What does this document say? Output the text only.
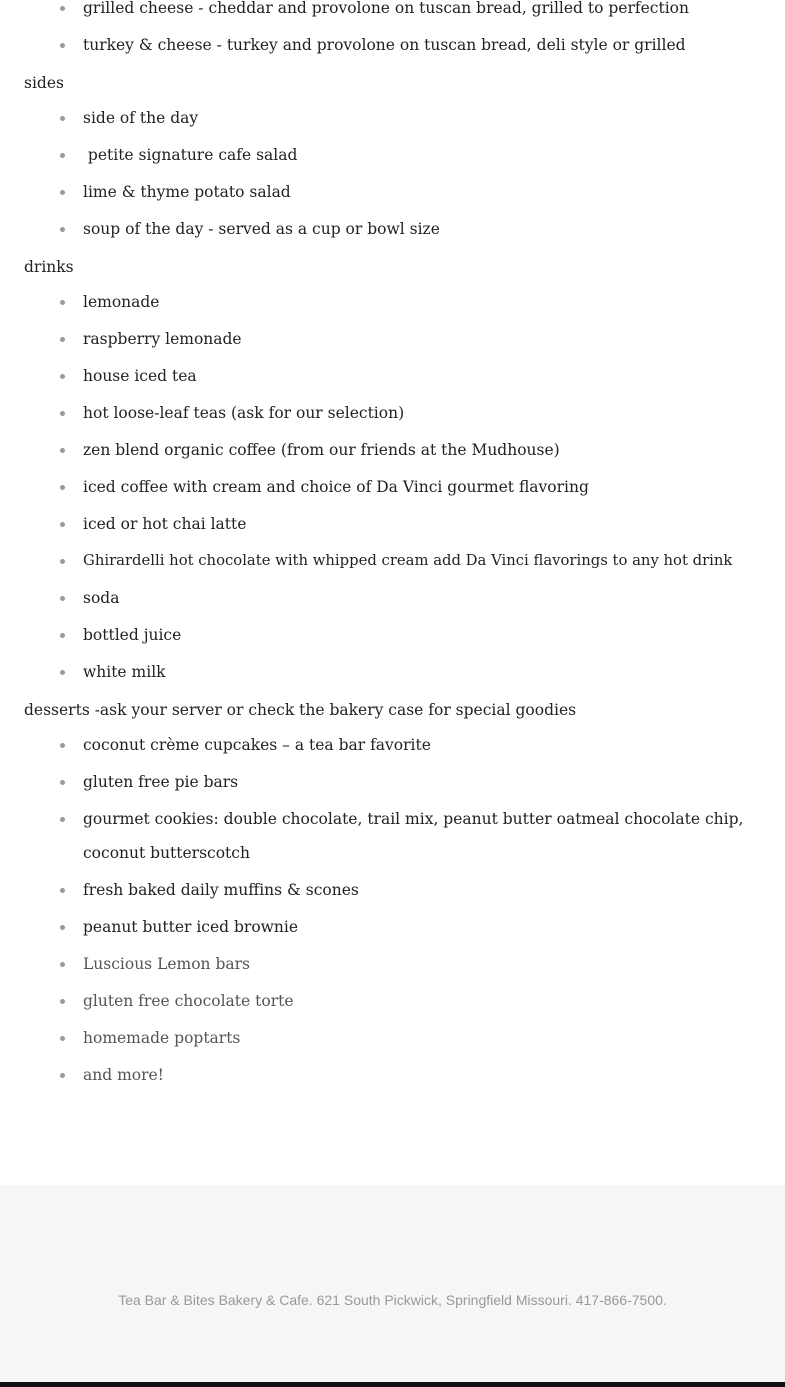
grilled cheese - cheddar and provolone on tuscan bread, grilled to perfection
turkey & cheese - turkey and provolone on tuscan bread, deli style or grilled

sides

side of the day
petite signature cafe salad
lime & thyme potato salad
soup of the day - served as a cup or bowl size

drinks

lemonade
raspberry lemonade
house iced tea
hot loose-leaf teas (ask for our selection)
zen blend organic coffee (from our friends at the Mudhouse)
iced coffee with cream and choice of Da Vinci gourmet flavoring
iced or hot chai latte
Ghirardelli hot chocolate with whipped cream add Da Vinci flavorings to any hot drink
soda
bottled juice
white milk

desserts -ask your server or check the bakery case for special goodies

coconut crème cupcakes – a tea bar favorite
gluten free pie bars
gourmet cookies: double chocolate, trail mix, peanut butter oatmeal chocolate chip, coconut butterscotch
fresh baked daily muffins & scones
peanut butter iced brownie
Luscious Lemon bars
gluten free chocolate torte
homemade poptarts
and more!
Tea Bar & Bites Bakery & Cafe. 621 South Pickwick, Springfield Missouri. 417-866-7500.
